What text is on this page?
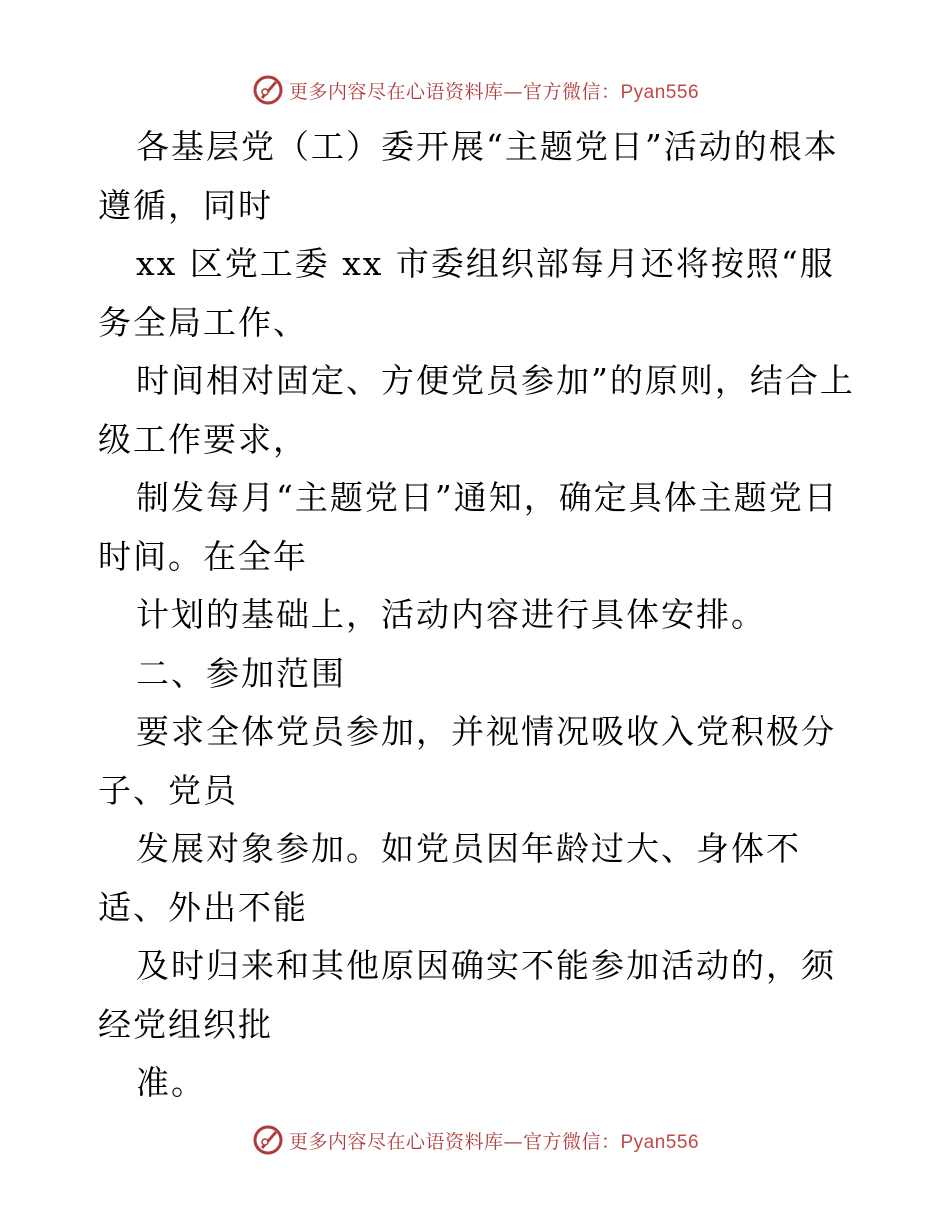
更多内容尽在心语资料库—官方微信：Pyan556

各基层党（工）委开展“主题党日”活动的根本遵循，同时

xx 区党工委 xx 市委组织部每月还将按照“服务全局工作、

时间相对固定、方便党员参加”的原则，结合上级工作要求，

制发每月“主题党日”通知，确定具体主题党日时间。在全年

计划的基础上，活动内容进行具体安排。

二、参加范围

要求全体党员参加，并视情况吸收入党积极分子、党员

发展对象参加。如党员因年龄过大、身体不适、外出不能

及时归来和其他原因确实不能参加活动的，须经党组织批

准。

更多内容尽在心语资料库—官方微信：Pyan556
